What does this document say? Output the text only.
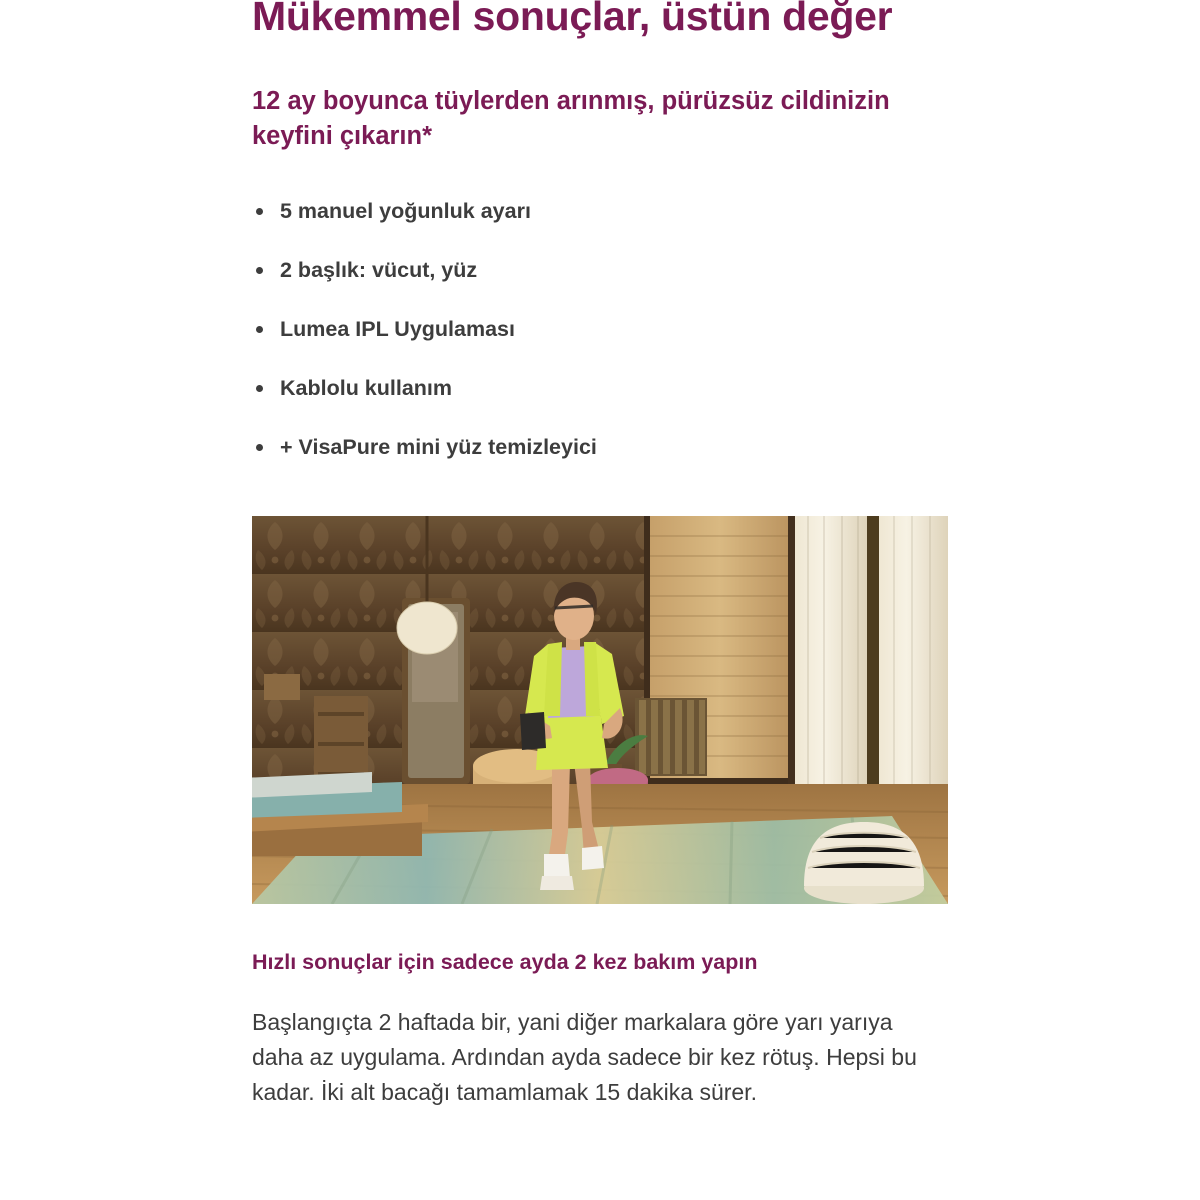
Mükemmel sonuçlar, üstün değer
12 ay boyunca tüylerden arınmış, pürüzsüz cildinizin keyfini çıkarın*
5 manuel yoğunluk ayarı
2 başlık: vücut, yüz
Lumea IPL Uygulaması
Kablolu kullanım
+ VisaPure mini yüz temizleyici

Hızlı sonuçlar için sadece ayda 2 kez bakım yapın

Başlangıçta 2 haftada bir, yani diğer markalara göre yarı yarıya daha az uygulama. Ardından ayda sadece bir kez rötuş. Hepsi bu kadar. İki alt bacağı tamamlamak 15 dakika sürer.
